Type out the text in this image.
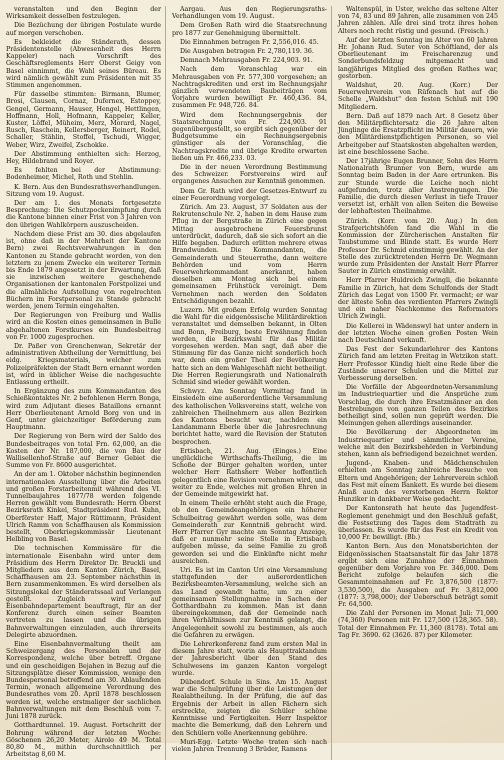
veranstalten und den Beginn der Wirksamkeit desselben festzulegen.

Die Bezüchung der übrigen Postulate wurde auf morgen verschoben.

Es bekleidet die Ständerath, dessen Präsidentenstelle (Abwesenheit des Herrn Kappeler) nach Vorschrift des Geschäftsreglements Herr Oberst Geigy von Basel einnimmt, die Wahl seines Büreau. Es wird nämlich gewählt zum Präsidenten mit 35 Stimmen angenommen.

Für dasselbe stimmten: Birmann, Blumer, Brosi, Clausen, Cornaz, Dufernex, Estoppey, Gengel, Germann, Hauser, Hengel, Hettlingen, Hoffmann, Holl, Hofmann, Kappeler, Keller, Kuster, Löffel, Müheim, Merz, Morard, Nagel, Rusch, Raschein, Kellersberger, Reinert, Rodel, Schaller, Stählin, Stoffel, Tschudi, Wigger, Weber, Wirz, Zweifel, Zschokke.

Der Abstimmung enthielten sich: Herzog, Hey, Hildebrand und Royer.

Es fehlten bei der Abstimmung: Bodenheimer, Michel, Roth und Stehlin.

K. Bern. Aus den Bundesrathsverhandlungen. Sitzung vom 19. August.

Der am 1. des Monats fortgesetzte Besprechung: Die Schutzpockenimpfung durch die Kantone binnen einer Frist von 3 Jahren von den übrigen Wahlkörpern auszuscheiden.

Nachdem diese Frist am 30. dies abgelaufen ist, ohne daß in der Mehrheit der Kantone Bern) zwei Rechtsverwahrungen in den Kantonen zu Stande gebracht worden, von den letztern zu jenem Zwecke ein weiterer Termin bis Ende 1879 angesetzt in der Erwartung, daß sie inzwischen weitere geschehende Organisationen der kantonalen Forstpolizei und die allmähliche Aufstellung von regelrechten Büchern im Forstpersonal zu Stande gebracht werden, jenem Termin eingehalten.

Der Regierungen von Freiburg und Wallis wird an die Kosten eines gemeinsamen in Bulle abgehaltenen Forstkurses ein Bundesbeitrag von Fr. 1000 zugesprochen.

Dr. Paßer von Grenchenwan, Sekretär der administrativen Abtheilung der Vermittlung, bei eidg. Kriegsmaterials, welcher zum Polizeipräfekten der Stadt Bern ernannt worden ist, wird in üblicher Weise die nachgesuchte Entlassung ertheilt.

In Ergänzung des zum Kommandanten des Schießkontaktes Nr. 2 befohlenen Herrn Bonga, wird zum Adjutant dieses Bataillons ernannt Herr Oberlieutenant Arnold Borg von und in Genf, unter gleichzeitiger Beförderung zum Hauptmann.

Der Regierung von Bern wird der Saldo des Bundesbeitrages von total Frn. 62,000, an die Kosten der Nr. 187,000, die von Bau der Wallisellenhof-Straße auf Berner Gebiet die Summe von Fr. 8600 ausgerichtet.

An der am 1. Oktober nächsthin beginnenden internationalen Ausstellung über die Arbeiten und großen Forstarbeitenmit während des VI. Tunnelbaujahres 1877/78 werden folgende Herren gewählt vom Bundesrath: Herrn Oberst Bezirksrath Kinkel, Stadtpräsident Rud. Kuhn, Oberförster Haff, Major Rüttimann, Präsident Ulrich Ramm von Schaffhausen als Kommission bestellt, Oberkriegskommissär Lieutenant Helbling von Basel.

Die technischen Kommissäre für die internationale Eisenbahn wird unter dem Präsidium des Herrn Direktor Dr. Bruckli und Mitgliedern aus dem Kanton Zürich, Basel, Schaffhausen am 23. September nächsthin in Bern zusammenkommen. Es wird derselben als Sitzungslokal der Ständeratssaal auf Verlangen gestellt. Zugleich wird auf Eisenbahndepartement beauftragt, für an der Konferenz durch einen seiner Beamten vertreten zu lassen und die übrigen Bahnverwaltungen einzuladen, auch ihrerseits Delegirte abzuordnen.

Eine Eisenbahnvermaltung theilt am Schweizergang des Personalen und der Korrespondenz, welche über betreff. Organe und ein gescheidigen Bejahen in Bezug auf die Sitzungsplätze dieser Kommission, wenige den Bundespersonal betreffend am 30. Ablaufenden Termin, wonach allgemeine Verordnung des Bundesrathes vom 20. April 1878 beschlossen worden ist, welche erstmaliger der sachlichen Bahnverwaltungen mit dem Beschluß vom 7. Juni 1878 zurück.

Gotthardtunnel. 19. August. Fortschritt der Bohrung während der letzten Woche: Göschenen 26,20 Meter, Airolo 49 M. Total 80,80 M., mithin durchschnittlich per Arbeitstag 8,60 M.

Aargau. Aus den Regierungsraths-Verhandlungen vom 19. August.

Dem Großen Rath wird die Staatsrechnung pro 1877 zur Genehmigung übermittelt.

Die Einnahmen betragen Fr. 2,556,016. 45.

Die Ausgaben betragen Fr. 2,780,119. 36.

Demnach Mehrausgaben Fr. 224,903. 91.

Nach dem Voranschlag war ein Mehrausgaben von Fr. 577,300 vorgesehen; an Nachtragskrediten und erst im Rechnungsjahr gänzlich verwendeten Baubeiträgen vom Vorjahre wurden bewilligt Fr. 460,436. 84, zusammen Fr. 948,726. 84.

Wird dem Rechnungsergebnis der Staatsrechnung von Fr. 224,903. 91 gegenübergestellt, so ergibt sich gegenüber der Budgetsumme ein Rechnungsergebnis günstiger als der Voranschlag, die Nachtragskredite und übrige Kredite erwarten ließen um Fr. 466,233. 03.

Die in der neuen Verordnung Bestimmung des Schweizer. Forstvereins wird auf ergangenes Ansuchen zur Kenntniß genommen.

Dem Gr. Rath wird der Gesetzes-Entwurf zu einer Feuerordnung vorgelegt.

Zürich. Am 23. August, 37 Soldaten aus der Rekrutenschule Nr. 2, haben in dem Hause zum Pflug in der Bergstraße in Zürich eine gegen Mittag ausgebrochene Feuersbrunst unterdrückt, dadurch, daß sie sich sofort an die Hilfe begaben. Dadurch erlitten mehrere etwas Brandwunden. Die Kommandanten, die Gemeinderath und Steuerrathe, dann weitere Behörden und vom Herrn Feuerwehrkommandant anerkannt, haben dieselben am Montag sich bei einem gemeinsamen Frühstück vereinigt. Dem Vernehmen nach werden den Soldaten Entschädigungen bezahlt.

Luzern. Mit großem Erfolg wurden Sonntag die Wahl für die eidgenössische Militärdirektion veranstaltet und demselben bekannt, in Olten und Bonn, Freiburg, beste Erwähnung finden werden, die Bezirkswahl für das Militär vorgesehen werden. Man sagt, daß aber die Stimmung für das Ganze nicht sonderlich hoch war, denn ein großer Theil der Bevölkerung hatte sich an dem Wahlgeschäft nicht betheiligt. Die Herren Regierungsrath und Nationalrath Schmid sind wieder gewählt worden.

Schwyz. Am Sonntag Vormittag fand in Einsiedeln eine außerordentliche Versammlung des katholischen Volksvereins statt, welche von zahlreichen Theilnehmern aus allen Bezirken des Kantons besucht war, nachdem ein Landammann Eberle über die Jahresrechnung berichtet hatte, ward die Revision der Statuten besprochen.

Ertisbach, 21. Aug. (Einges.) Eine unglückliche Wirthschafts-Theilung, die im Schoße der Bürger gehalten worden, unter welcher Herr Rathsherr Weber hoffentlich gelegentlich eine Revision vornehmen wird, und weiter zu Ende, welches mit großen Ehren in der Gemeinde mitgewirkt hat.

In einem Theile erhöht steht auch die Frage, ob den Gemeindeangehörigen ein höherer Schulbeitrag gewährt werden solle, was dem Gemeinderath zur Kenntniß gebracht wird. Herr Pfarrer Gyr machte am Sonntag Anzeige, daß er nunmehr seine Stelle in Ertisbach aufgeben müsse, da seine Familie zu groß geworden sei und die Einkünfte nicht mehr ausreichen.

Uri. Es ist im Canton Uri eine Versammlung stattgefunden der außerordentlichen Bezirksbeamten-Versammlung, welche sich an das Land gewandt hatte, um zu einer gemeinsamen Stellungnahme in Sachen der Gotthardbahn zu kommen. Man ist dann übereingekommen, daß der Gemeinde nach ihren Verhältnissen zur Kenntniß gelangt, die Angelegenheit sowohl zu bestimmen, als auch die Gefahren zu erwägen.

Die Lehrerkonferenz fand zum ersten Mal in diesem Jahre statt, worin als Haupttraktandum der Jahresbericht über den Stand des Schulwesens im ganzen Kanton vorgelegt wurde.

Dübendorf. Schule in Sins. Am 15. August war die Schulprüfung über die Leistungen der Realabtheilung. In der Prüfung, die auf das Ergebnis der Arbeit in allen Fächern sich erstreckte, zeigten die Schüler schöne Kenntnisse und Fertigkeiten. Herr Inspektor machte die Bemerkung, daß den Lehrern und den Schülern volle Anerkennung gebühre.

Muri-Egg. Letzte Woche traten sich nach vielen Jahren Trennung 3 Brüder, Ramens

Waltenspül, in Uster, welche das seltene Alter von 74, 83 und 89 Jahren, alle zusammen von 245 Jahren zählen. Alle drei sind trotz ihres hohen Alters noch recht rüstig und gesund. (Freisch.)

Auf der letzten Sonntag im Alter von 60 Jahren Hr. Johann Rud. Suter von Schöftland, der als Oberlieutenant im Freischarenzug und Sonderbundsfeldzug mitgemacht und langjähriges Mitglied des großen Rathes war, gestorben.

Waldshut, 20. Aug. (Korr.) Der Feuerwehrverein von Rüfenach hat auf die Schelle „Waldshut" den festen Schluß mit 190 Mitgliedern.

Bern. Daß auf 1879 nach Art. 8 Gesetz über den Militärpflichtersatz die 26 Jahre alten Jünglinge die Ersatzpflicht im Militär dauern, wie den Militärdienstpflichtigen Personen, so viel Arbeitgeber auf Staatskosten abgehalten werden, ist eine beschlossene Sache.

Der 17jährige Eugen Brunner, Sohn des Herrn Nationalrath Brunner von Bern, wurde am Sonntag beim Baden in der Aare ertrunken. Bis zur Stunde wurde die Leiche noch nicht aufgefunden, trotz aller Anstrengungen. Die Familie, die durch diesen Verlust in tiefe Trauer versetzt ist, erhält von allen Seiten die Beweise der lebhaftesten Theilnahme.

Zürich. (Korr. vom 20. Aug.) In den Strafgerichtshöfen fand die Wahl in die Kommission der Zürcherischen Anstalten für Taubstumme und Blinde statt. Es wurde Herr Professor Dr. Schmid einstimmig gewählt. An der Stelle des zurücktretenden Herrn Dr. Wegmann wurde zum Präsidenten der Anstalt Herr Pfarrer Sauter in Zürich einstimmig erwählt.

Herr Pfarrer Huldreich Zwingli, die bekannte Familie in Zürich, hat dem Schulfonds der Stadt Zürich das Legat von 1500 Fr. vermacht; er war der älteste Sohn des verdienten Pfarrers Zwingli und ein naher Nachkomme des Reformators Ulrich Zwingli.

Die Kellerei in Wädenswyl hat unter andern in der letzten Woche einen großen Posten Wein nach Deutschland verkauft.

Das Fest der Sekundarlehrer des Kantons Zürich fand am letzten Freitag in Wetzikon statt. Herr Professor Kündig hielt eine Rede über die Zustände unserer Schulen und die Mittel zur Verbesserung derselben.

Die Vorfälle der Abgeordneten-Versammlung im Industriequartier und die Ansprüche zum Vorschlag, die durch ihre Ersatzmänner an den Bestrebungen von ganzen Teilen des Bezirkes betheiligt sind, sollen nun geprüft werden. Die Meinungen gehen allerdings auseinander.

Die Bevölkerung der Abgeordneten im Industriequartier und sämmtlicher Vereine, welche mit den Bezirksbehörden in Verbindung stehen, kann als befriedigend bezeichnet werden.

Jugend-, Knaben- und Mädchenschulen erhielten am Sonntag zahlreiche Besuche von Eltern und Angehörigen; der Lehrerverein schloß das Fest mit einem Bankett. Es wurde bei diesem Anlaß auch des verstorbenen Herrn Rektor Hunziker in dankbarer Weise gedacht.

Der Kantonsrath hat heute das Jugendfest-Reglement genehmigt und den Beschluß gefaßt, die Festsetzung des Tages dem Stadtrath zu überlassen. Es wurde für das Fest ein Kredit von 10,000 Fr. bewilligt. (Bb.)

Kanton Bern. Aus den Monatsberichten der Eidgenössischen Staatsanstalt für das Jahr 1878 ergibt sich eine Zunahme der Einnahmen gegenüber dem Vorjahre von Fr. 346,000. Dem Bericht zufolge belaufen sich die Gesammteinnahmen auf Fr. 3,876,500 (1877: 3,530,500), die Ausgaben auf Fr. 3,812,000 (1877: 3,798,000); der Ueberschuß beträgt somit Fr. 64,500.

Die Zahl der Personen im Monat Juli: 71,000 (74,360) Personen mit Fr. 127,500 (128,365. 58). Total der Einnahmen Fr. 11,360 (8178). Total am Tag Fr. 3690. 62 (3626. 87) per Kilometer.
